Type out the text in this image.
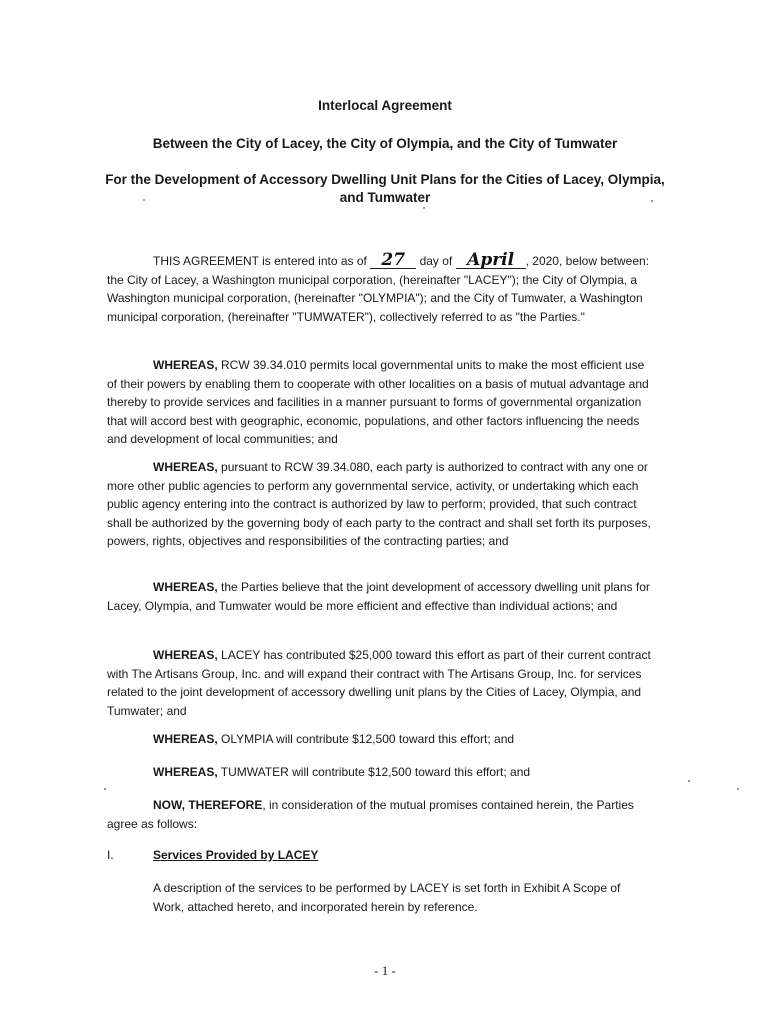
Interlocal Agreement
Between the City of Lacey, the City of Olympia, and the City of Tumwater
For the Development of Accessory Dwelling Unit Plans for the Cities of Lacey, Olympia,
and Tumwater

THIS AGREEMENT is entered into as of 27 day of April , 2020, below between: the City of Lacey, a Washington municipal corporation, (hereinafter "LACEY"); the City of Olympia, a Washington municipal corporation, (hereinafter "OLYMPIA"); and the City of Tumwater, a Washington municipal corporation, (hereinafter "TUMWATER"), collectively referred to as "the Parties."

WHEREAS, RCW 39.34.010 permits local governmental units to make the most efficient use of their powers by enabling them to cooperate with other localities on a basis of mutual advantage and thereby to provide services and facilities in a manner pursuant to forms of governmental organization that will accord best with geographic, economic, populations, and other factors influencing the needs and development of local communities; and

WHEREAS, pursuant to RCW 39.34.080, each party is authorized to contract with any one or more other public agencies to perform any governmental service, activity, or undertaking which each public agency entering into the contract is authorized by law to perform; provided, that such contract shall be authorized by the governing body of each party to the contract and shall set forth its purposes, powers, rights, objectives and responsibilities of the contracting parties; and

WHEREAS, the Parties believe that the joint development of accessory dwelling unit plans for Lacey, Olympia, and Tumwater would be more efficient and effective than individual actions; and

WHEREAS, LACEY has contributed $25,000 toward this effort as part of their current contract with The Artisans Group, Inc. and will expand their contract with The Artisans Group, Inc. for services related to the joint development of accessory dwelling unit plans by the Cities of Lacey, Olympia, and Tumwater; and

WHEREAS, OLYMPIA will contribute $12,500 toward this effort; and
WHEREAS, TUMWATER will contribute $12,500 toward this effort; and

NOW, THEREFORE, in consideration of the mutual promises contained herein, the Parties agree as follows:

I.	Services Provided by LACEY
A description of the services to be performed by LACEY is set forth in Exhibit A Scope of Work, attached hereto, and incorporated herein by reference.
- 1 -
